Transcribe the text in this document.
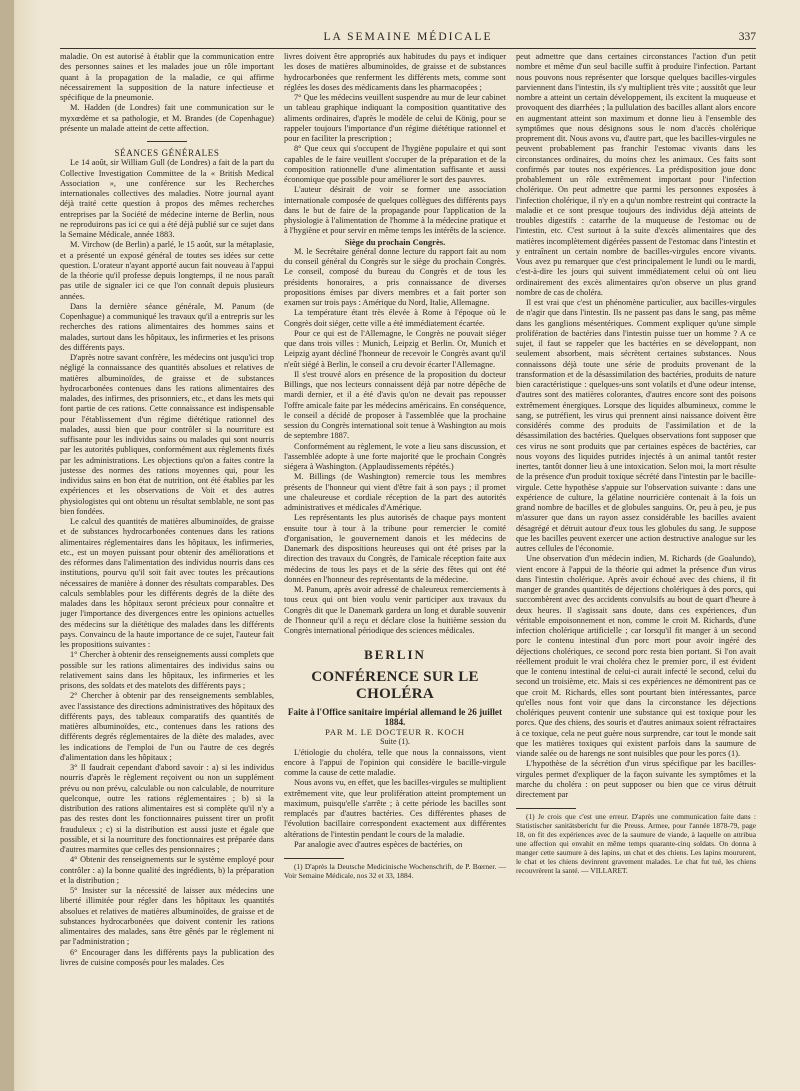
LA SEMAINE MÉDICALE	337

maladie. On est autorisé à établir que la communication entre des personnes saines et les malades joue un rôle important quant à la propagation de la maladie, ce qui affirme nécessairement la supposition de la nature infectieuse et spécifique de la pneumonie.

M. Hadden (de Londres) fait une communication sur le myxœdème et sa pathologie, et M. Brandes (de Copenhague) présente un malade atteint de cette affection.

SÉANCES GÉNÉRALES

Le 14 août, sir William Gull (de Londres) a fait de la part du Collective Investigation Committee de la « British Medical Association », une conférence sur les Recherches internationales collectives des maladies. Notre journal ayant déjà traité cette question à propos des mêmes recherches entreprises par la Société de médecine interne de Berlin, nous ne reproduirons pas ici ce qui a été déjà publié sur ce sujet dans la Semaine Médicale, année 1883.

M. Virchow (de Berlin) a parlé, le 15 août, sur la métaplasie, et a présenté un exposé général de toutes ses idées sur cette question. L'orateur n'ayant apporté aucun fait nouveau à l'appui de la théorie qu'il professe depuis longtemps, il ne nous paraît pas utile de signaler ici ce que l'on connaît depuis plusieurs années.

Dans la dernière séance générale, M. Panum (de Copenhague) a communiqué les travaux qu'il a entrepris sur les recherches des rations alimentaires des hommes sains et malades, surtout dans les hôpitaux, les infirmeries et les prisons des différents pays.

D'après notre savant confrère, les médecins ont jusqu'ici trop négligé la connaissance des quantités absolues et relatives de matières albuminoïdes, de graisse et de substances hydrocarbonées contenues dans les rations alimentaires des malades, des infirmes, des prisonniers, etc., et dans les mets qui font partie de ces rations. Cette connaissance est indispensable pour l'établissement d'un régime diététique rationnel des malades, aussi bien que pour contrôler si la nourriture est suffisante pour les individus sains ou malades qui sont nourris par les autorités publiques, conformément aux règlements fixés par les administrations. Les objections qu'on a faites contre la justesse des normes des rations moyennes qui, pour les individus sains en bon état de nutrition, ont été établies par les expériences et les observations de Voit et des autres physiologistes qui ont obtenu un résultat semblable, ne sont pas bien fondées.

Le calcul des quantités de matières albuminoïdes, de graisse et de substances hydrocarbonées contenues dans les rations alimentaires réglementaires dans les hôpitaux, les infirmeries, etc., est un moyen puissant pour obtenir des améliorations et des réformes dans l'alimentation des individus nourris dans ces institutions, pourvu qu'il soit fait avec toutes les précautions nécessaires de manière à donner des résultats comparables. Des calculs semblables pour les différents degrés de la diète des malades dans les hôpitaux seront précieux pour connaître et juger l'importance des divergences entre les opinions actuelles des médecins sur la diététique des malades dans les différents pays. Convaincu de la haute importance de ce sujet, l'auteur fait les propositions suivantes :

1° Chercher à obtenir des renseignements aussi complets que possible sur les rations alimentaires des individus sains ou relativement sains dans les hôpitaux, les infirmeries et les prisons, des soldats et des matelots des différents pays ;

2° Chercher à obtenir par des renseignements semblables, avec l'assistance des directions administratives des hôpitaux des différents pays, des tableaux comparatifs des quantités de matières albuminoïdes, etc., contenues dans les rations des différents degrés réglementaires de la diète des malades, avec les indications de l'emploi de l'un ou l'autre de ces degrés d'alimentation dans les hôpitaux ;

3° Il faudrait cependant d'abord savoir : a) si les individus nourris d'après le règlement reçoivent ou non un supplément prévu ou non prévu, calculable ou non calculable, de nourriture quelconque, outre les rations réglementaires ; b) si la distribution des rations alimentaires est si complète qu'il n'y a pas des restes dont les fonctionnaires puissent tirer un profit frauduleux ; c) si la distribution est aussi juste et égale que possible, et si la nourriture des fonctionnaires est préparée dans d'autres marmites que celles des pensionnaires ;

4° Obtenir des renseignements sur le système employé pour contrôler : a) la bonne qualité des ingrédients, b) la préparation et la distribution ;

5° Insister sur la nécessité de laisser aux médecins une liberté illimitée pour régler dans les hôpitaux les quantités absolues et relatives de matières albuminoïdes, de graisse et de substances hydrocarbonées que doivent contenir les rations alimentaires des malades, sans être gênés par le règlement ni par l'administration ;

6° Encourager dans les différents pays la publication des livres de cuisine composés pour les malades. Ces

livres doivent être appropriés aux habitudes du pays et indiquer les doses de matières albuminoïdes, de graisse et de substances hydrocarbonées que renferment les différents mets, comme sont réglées les doses des médicaments dans les pharmacopées ;

7° Que les médecins veuillent suspendre au mur de leur cabinet un tableau graphique indiquant la composition quantitative des aliments ordinaires, d'après le modèle de celui de König, pour se rappeler toujours l'importance d'un régime diététique rationnel et pour en faciliter la prescription ;

8° Que ceux qui s'occupent de l'hygiène populaire et qui sont capables de le faire veuillent s'occuper de la préparation et de la composition rationnelle d'une alimentation suffisante et aussi économique que possible pour améliorer le sort des pauvres.

L'auteur désirait de voir se former une association internationale composée de quelques collègues des différents pays dans le but de faire de la propagande pour l'application de la physiologie à l'alimentation de l'homme à la médecine pratique et à l'hygiène et pour servir en même temps les intérêts de la science.

Siège du prochain Congrès.

M. le Secrétaire général donne lecture du rapport fait au nom du conseil général du Congrès sur le siège du prochain Congrès. Le conseil, composé du bureau du Congrès et de tous les présidents honoraires, a pris connaissance de diverses propositions émises par divers membres et a fait porter son examen sur trois pays : Amérique du Nord, Italie, Allemagne.

La température étant très élevée à Rome à l'époque où le Congrès doit siéger, cette ville a été immédiatement écartée.

Pour ce qui est de l'Allemagne, le Congrès ne pouvait siéger que dans trois villes : Munich, Leipzig et Berlin. Or, Munich et Leipzig ayant décliné l'honneur de recevoir le Congrès avant qu'il n'eût siégé à Berlin, le conseil a cru devoir écarter l'Allemagne.

Il s'est trouvé alors en présence de la proposition du docteur Billings, que nos lecteurs connaissent déjà par notre dépêche de mardi dernier, et il a été d'avis qu'on ne devait pas repousser l'offre amicale faite par les médecins américains. En conséquence, le conseil a décidé de proposer à l'assemblée que la prochaine session du Congrès international soit tenue à Washington au mois de septembre 1887.

Conformément au règlement, le vote a lieu sans discussion, et l'assemblée adopte à une forte majorité que le prochain Congrès siégera à Washington. (Applaudissements répétés.)

M. Billings (de Washington) remercie tous les membres présents de l'honneur qui vient d'être fait à son pays ; il promet une chaleureuse et cordiale réception de la part des autorités administratives et médicales d'Amérique.

Les représentants les plus autorisés de chaque pays montent ensuite tour à tour à la tribune pour remercier le comité d'organisation, le gouvernement danois et les médecins de Danemark des dispositions heureuses qui ont été prises par la direction des travaux du Congrès, de l'amicale réception faite aux médecins de tous les pays et de la série des fêtes qui ont été données en l'honneur des représentants de la médecine.

M. Panum, après avoir adressé de chaleureux remerciements à tous ceux qui ont bien voulu venir participer aux travaux du Congrès dit que le Danemark gardera un long et durable souvenir de l'honneur qu'il a reçu et déclare close la huitième session du Congrès international périodique des sciences médicales.

BERLIN
CONFÉRENCE SUR LE CHOLÉRA

Faite à l'Office sanitaire impérial allemand le 26 juillet 1884.

PAR M. LE DOCTEUR R. KOCH

Suite (1).

L'étiologie du choléra, telle que nous la connaissons, vient encore à l'appui de l'opinion qui considère le bacille-virgule comme la cause de cette maladie.

Nous avons vu, en effet, que les bacilles-virgules se multiplient extrêmement vite, que leur prolifération atteint promptement un maximum, puisqu'elle s'arrête ; à cette période les bacilles sont remplacés par d'autres bactéries. Ces différentes phases de l'évolution bacillaire correspondent exactement aux différentes altérations de l'intestin pendant le cours de la maladie.

Par analogie avec d'autres espèces de bactéries, on

(1) D'après la Deutsche Medicinische Wochenschrift, de P. Bœrner. — Voir Semaine Médicale, nos 32 et 33, 1884.

peut admettre que dans certaines circonstances l'action d'un petit nombre et même d'un seul bacille suffit à produire l'infection. Partant nous pouvons nous représenter que lorsque quelques bacilles-virgules parviennent dans l'intestin, ils s'y multiplient très vite ; aussitôt que leur nombre a atteint un certain développement, ils excitent la muqueuse et provoquent des diarrhées ; la pullulation des bacilles allant alors encore en augmentant atteint son maximum et donne lieu à l'ensemble des symptômes que nous désignons sous le nom d'accès cholérique proprement dit. Nous avons vu, d'autre part, que les bacilles-virgules ne peuvent probablement pas franchir l'estomac vivants dans les circonstances ordinaires, du moins chez les animaux. Ces faits sont confirmés par toutes nos expériences. La prédisposition joue donc probablement un rôle extrêmement important pour l'infection cholérique. On peut admettre que parmi les personnes exposées à l'infection cholérique, il n'y en a qu'un nombre restreint qui contracte la maladie et ce sont presque toujours des individus déjà atteints de troubles digestifs : catarrhe de la muqueuse de l'estomac ou de l'intestin, etc. C'est surtout à la suite d'excès alimentaires que des matières incomplètement digérées passent de l'estomac dans l'intestin et y entraînent un certain nombre de bacilles-virgules encore vivants. Vous avez pu remarquer que c'est principalement le lundi ou le mardi, c'est-à-dire les jours qui suivent immédiatement celui où ont lieu ordinairement des excès alimentaires qu'on observe un plus grand nombre de cas de choléra.

Il est vrai que c'est un phénomène particulier, aux bacilles-virgules de n'agir que dans l'intestin. Ils ne passent pas dans le sang, pas même dans les ganglions mésentériques. Comment expliquer qu'une simple prolifération de bactéries dans l'intestin puisse tuer un homme ? A ce sujet, il faut se rappeler que les bactéries en se développant, non seulement absorbent, mais sécrètent certaines substances. Nous connaissons déjà toute une série de produits provenant de la transformation et de la désassimilation des bactéries, produits de nature bien caractéristique : quelques-uns sont volatils et d'une odeur intense, d'autres sont des matières colorantes, d'autres encore sont des poisons extrêmement énergiques. Lorsque des liquides albumineux, comme le sang, se putréfient, les virus qui prennent ainsi naissance doivent être considérés comme des produits de l'assimilation et de la désassimilation des bactéries. Quelques observations font supposer que ces virus ne sont produits que par certaines espèces de bactéries, car nous voyons des liquides putrides injectés à un animal tantôt rester inertes, tantôt donner lieu à une intoxication. Selon moi, la mort résulte de la présence d'un produit toxique sécrété dans l'intestin par le bacille-virgule. Cette hypothèse s'appuie sur l'observation suivante : dans une expérience de culture, la gélatine nourricière contenait à la fois un grand nombre de bacilles et de globules sanguins. Or, peu à peu, je pus m'assurer que dans un rayon assez considérable les bacilles avaient désagrégé et détruit autour d'eux tous les globules du sang. Je suppose que les bacilles peuvent exercer une action destructive analogue sur les autres cellules de l'économie.

Une observation d'un médecin indien, M. Richards (de Goalundo), vient encore à l'appui de la théorie qui admet la présence d'un virus dans l'intestin cholérique. Après avoir échoué avec des chiens, il fit manger de grandes quantités de déjections cholériques à des porcs, qui succombèrent avec des accidents convulsifs au bout de quart d'heure à deux heures. Il s'agissait sans doute, dans ces expériences, d'un véritable empoisonnement et non, comme le croit M. Richards, d'une infection cholérique artificielle ; car lorsqu'il fit manger à un second porc le contenu intestinal d'un porc mort pour avoir ingéré des déjections cholériques, ce second porc resta bien portant. Si l'on avait réellement produit le vrai choléra chez le premier porc, il est évident que le contenu intestinal de celui-ci aurait infecté le second, celui du second un troisième, etc. Mais si ces expériences ne démontrent pas ce que croit M. Richards, elles sont pourtant bien intéressantes, parce qu'elles nous font voir que dans la circonstance les déjections cholériques peuvent contenir une substance qui est toxique pour les porcs. Que des chiens, des souris et d'autres animaux soient réfractaires à ce toxique, cela ne peut guère nous surprendre, car tout le monde sait que les matières toxiques qui existent parfois dans la saumure de viande salée ou de harengs ne sont nuisibles que pour les porcs (1).

L'hypothèse de la sécrétion d'un virus spécifique par les bacilles-virgules permet d'expliquer de la façon suivante les symptômes et la marche du choléra : on peut supposer ou bien que ce virus détruit directement par

(1) Je crois que c'est une erreur. D'après une communication faite dans : Statistischer sanitätsbericht fur die Preuss. Armee, pour l'année 1878-79, page 18, on fit des expériences avec de la saumure de viande, à laquelle on attribua une affection qui envahit en même temps quarante-cinq soldats. On donna à manger cette saumure à des lapins, un chat et des chiens. Les lapins moururent, le chat et les chiens devinrent gravement malades. Le chat fut tué, les chiens recouvrèrent la santé. — VILLARET.
